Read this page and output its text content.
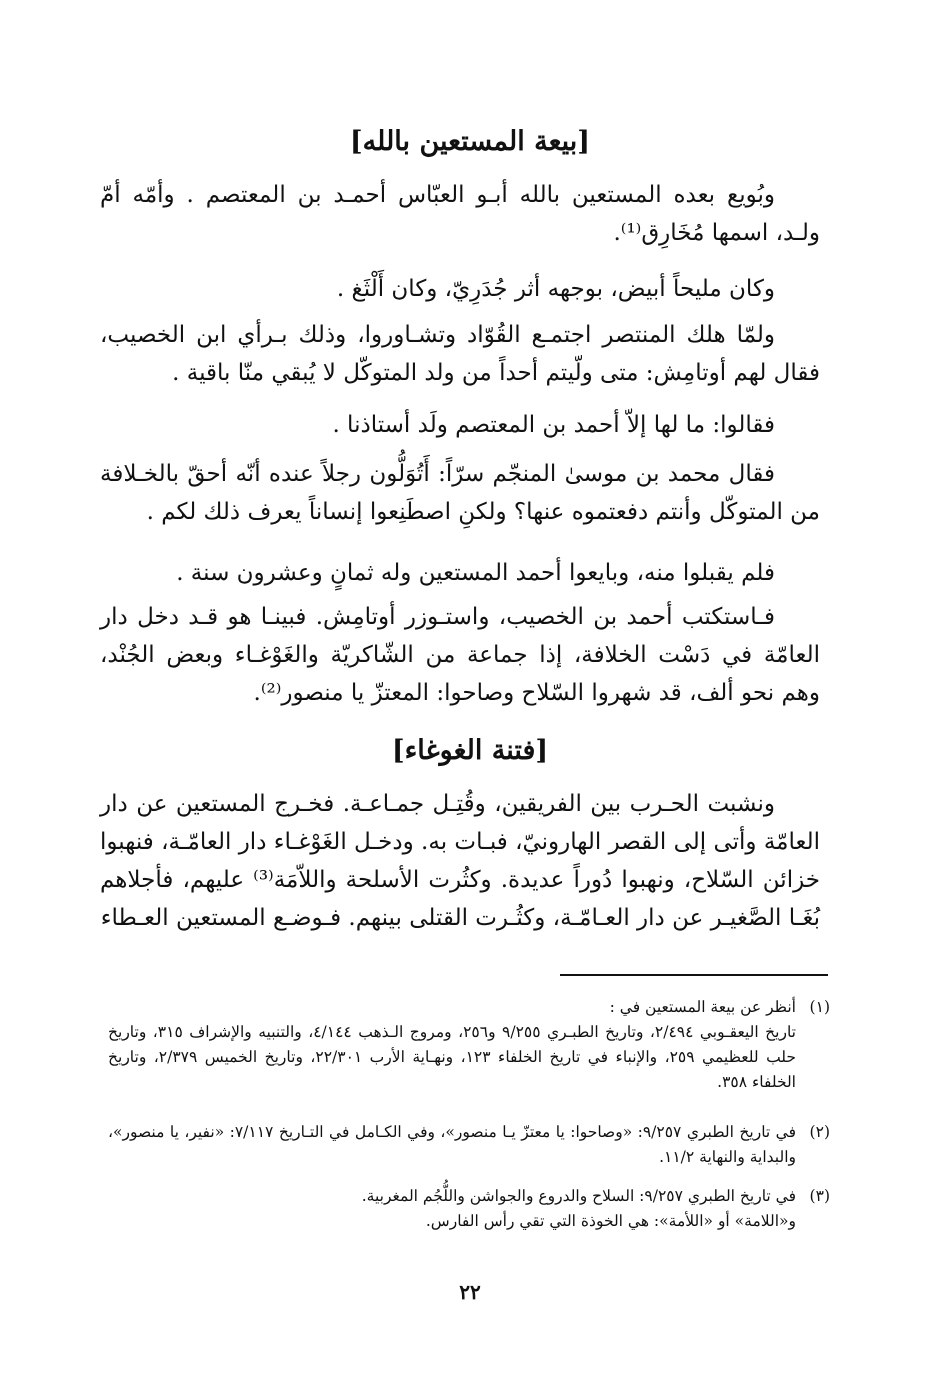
[بيعة المستعين بالله]

وبُويع بعده المستعين بالله أبـو العبّاس أحمـد بن المعتصم . وأمّه أمّ ولـد، اسمها مُخَارِق⁽¹⁾.

وكان مليحاً أبيض، بوجهه أثر جُدَرِيّ، وكان أَلْثَغ .

ولمّا هلك المنتصر اجتمـع القُوّاد وتشـاوروا، وذلك بـرأي ابن الخصيب، فقال لهم أوتامِش: متى ولّيتم أحداً من ولد المتوكّل لا يُبقي منّا باقية .

فقالوا: ما لها إلاّ أحمد بن المعتصم ولَد أستاذنا .

فقال محمد بن موسىٰ المنجّم سرّاً: أَتُوَلُّون رجلاً عنده أنّه أحقّ بالخـلافة من المتوكّل وأنتم دفعتموه عنها؟ ولكنِ اصطَنِعوا إنساناً يعرف ذلك لكم .

فلم يقبلوا منه، وبايعوا أحمد المستعين وله ثمانٍ وعشرون سنة .

فـاستكتب أحمد بن الخصيب، واستـوزر أوتامِش. فبينـا هو قـد دخل دار العامّة في دَسْت الخلافة، إذا جماعة من الشّاكريّة والغَوْغـاء وبعض الجُنْد، وهم نحو ألف، قد شهروا السّلاح وصاحوا: المعتزّ يا منصور⁽²⁾.

[فتنة الغوغاء]

ونشبت الحـرب بين الفريقين، وقُتِـل جمـاعـة. فخـرج المستعين عن دار العامّة وأتى إلى القصر الهارونيّ، فبـات به. ودخـل الغَوْغـاء دار العامّـة، فنهبوا خزائن السّلاح، ونهبوا دُوراً عديدة. وكثُرت الأسلحة واللاّمَة⁽³⁾ عليهم، فأجلاهم بُغَـا الصَّغيـر عن دار العـامّـة، وكثُـرت القتلى بينهم. فـوضـع المستعين العـطاء

(١)
أنظر عن بيعة المستعين في :
تاريخ اليعقـوبي ٢/٤٩٤، وتاريخ الطبـري ٩/٢٥٥ و٢٥٦، ومروج الـذهب ٤/١٤٤، والتنبيه والإشراف ٣١٥، وتاريخ حلب للعظيمي ٢٥٩، والإنباء في تاريخ الخلفاء ١٢٣، ونهـاية الأرب ٢٢/٣٠١، وتاريخ الخميس ٢/٣٧٩، وتاريخ الخلفاء ٣٥٨.
(٢)
في تاريخ الطبري ٩/٢٥٧: «وصاحوا: يا معتزّ يـا منصور»، وفي الكـامل في التـاريخ ٧/١١٧: «نفير، يا منصور»، والبداية والنهاية ١١/٢.
(٣)
في تاريخ الطبري ٩/٢٥٧: السلاح والدروع والجواشن واللُّجُم المغربية.
و«اللامة» أو «اللأمة»: هي الخوذة التي تقي رأس الفارس.
٢٢
